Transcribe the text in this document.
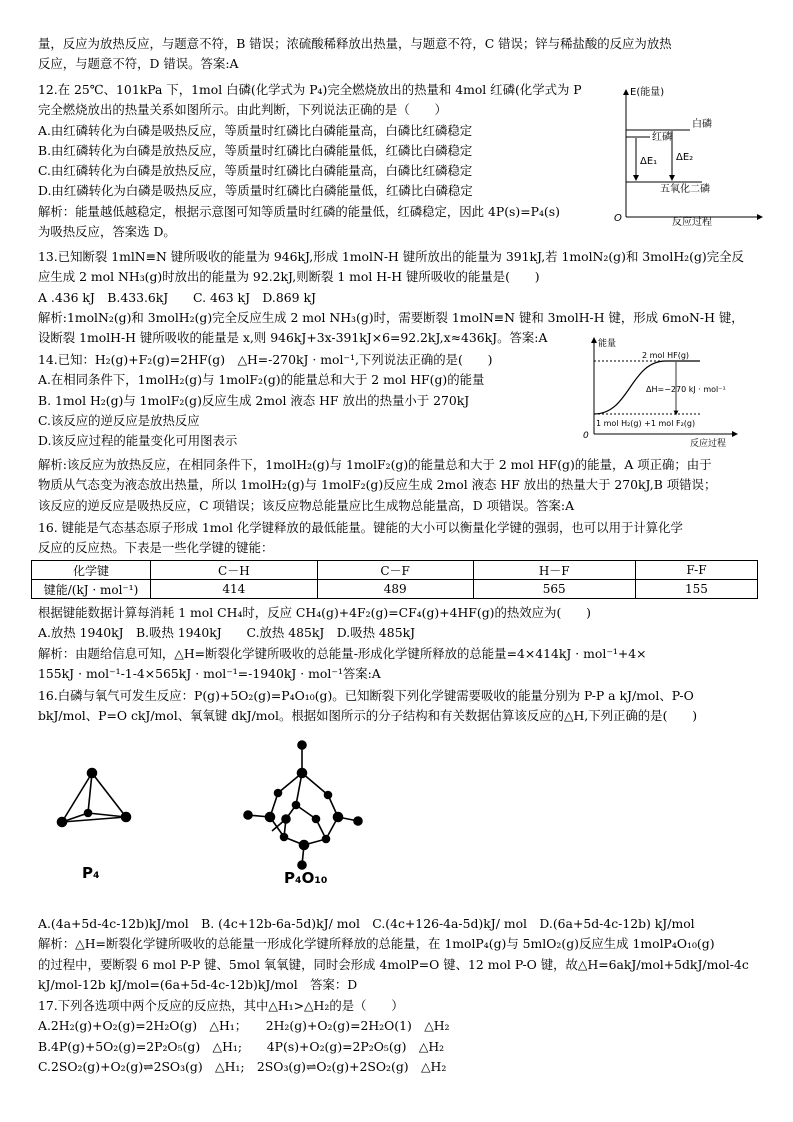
量，反应为放热反应，与题意不符，B 错误；浓硫酸稀释放出热量，与题意不符，C 错误；锌与稀盐酸的反应为放热
反应，与题意不符，D 错误。答案:A
12.在 25℃、101kPa 下，1mol 白磷(化学式为 P₄)完全燃烧放出的热量和 4mol 红磷(化学式为 P
完全燃烧放出的热量关系如图所示。由此判断，下列说法正确的是（　　）
A.由红磷转化为白磷是吸热反应，等质量时红磷比白磷能量高，白磷比红磷稳定
B.由红磷转化为白磷是放热反应，等质量时红磷比白磷能量低，红磷比白磷稳定
C.由红磷转化为白磷是放热反应，等质量时红磷比白磷能量高，白磷比红磷稳定
D.由红磷转化为白磷是吸热反应，等质量时红磷比白磷能量低，红磷比白磷稳定
解析：能量越低越稳定，根据示意图可知等质量时红磷的能量低，红磷稳定，因此 4P(s)=P₄(s)
为吸热反应，答案选 D。
E(能量)
白磷
红磷
ΔE₁ ΔE₂
五氧化二磷
O	反应过程
13.已知断裂 1mlN≡N 键所吸收的能量为 946kJ,形成 1molN-H 键所放出的能量为 391kJ,若 1molN₂(g)和 3molH₂(g)完全反
应生成 2 mol NH₃(g)时放出的能量为 92.2kJ,则断裂 1 mol H-H 键所吸收的能量是(　　)
A .436 kJ　B.433.6kJ　　C. 463 kJ　D.869 kJ
解析:1molN₂(g)和 3molH₂(g)完全反应生成 2 mol NH₃(g)时，需要断裂 1molN≡N 键和 3molH-H 键，形成 6moN-H 键，
设断裂 1molH-H 键所吸收的能量是 x,则 946kJ+3x-391kJ×6=92.2kJ,x≈436kJ。答案:A
14.已知：H₂(g)+F₂(g)=2HF(g)　△H=-270kJ · mol⁻¹,下列说法正确的是(　　)
A.在相同条件下，1molH₂(g)与 1molF₂(g)的能量总和大于 2 mol HF(g)的能量
B. 1mol H₂(g)与 1molF₂(g)反应生成 2mol 液态 HF 放出的热量小于 270kJ
C.该反应的逆反应是放热反应
D.该反应过程的能量变化可用图表示
能量
2 mol HF(g)
ΔH=−270 kJ · mol⁻¹
1 mol H₂(g) +1 mol F₂(g)
0
反应过程
解析:该反应为放热反应，在相同条件下，1molH₂(g)与 1molF₂(g)的能量总和大于 2 mol HF(g)的能量，A 项正确；由于
物质从气态变为液态放出热量，所以 1molH₂(g)与 1molF₂(g)反应生成 2mol 液态 HF 放出的热量大于 270kJ,B 项错误；
该反应的逆反应是吸热反应，C 项错误；该反应物总能量应比生成物总能量高，D 项错误。答案:A
16. 键能是气态基态原子形成 1mol 化学键释放的最低能量。键能的大小可以衡量化学键的强弱，也可以用于计算化学
反应的反应热。下表是一些化学键的键能：
化学键	C－H	C－F	H－F	F-F
键能/(kJ · mol⁻¹)	414	489	565	155
根据键能数据计算每消耗 1 mol CH₄时，反应 CH₄(g)+4F₂(g)=CF₄(g)+4HF(g)的热效应为(　　)
A.放热 1940kJ　B.吸热 1940kJ　　C.放热 485kJ　D.吸热 485kJ
解析：由题给信息可知，△H=断裂化学键所吸收的总能量-形成化学键所释放的总能量=4×414kJ · mol⁻¹+4×
155kJ · mol⁻¹-1-4×565kJ · mol⁻¹=-1940kJ · mol⁻¹答案:A
16.白磷与氧气可发生反应：P(g)+5O₂(g)=P₄O₁₀(g)。已知断裂下列化学键需要吸收的能量分别为 P-P a kJ/mol、P-O
bkJ/mol、P=O ckJ/mol、氧氧键 dkJ/mol。根据如图所示的分子结构和有关数据估算该反应的△H,下列正确的是(　　)
P₄	P₄O₁₀
A.(4a+5d-4c-12b)kJ/mol　B. (4c+12b-6a-5d)kJ/ mol　C.(4c+126-4a-5d)kJ/ mol　D.(6a+5d-4c-12b) kJ/mol
解析：△H=断裂化学键所吸收的总能量一形成化学键所释放的总能量，在 1molP₄(g)与 5mlO₂(g)反应生成 1molP₄O₁₀(g)
的过程中，要断裂 6 mol P-P 键、5mol 氧氧键，同时会形成 4molP=O 键、12 mol P-O 键，故△H=6akJ/mol+5dkJ/mol-4c
kJ/mol-12b kJ/mol=(6a+5d-4c-12b)kJ/mol　答案：D
17.下列各选项中两个反应的反应热，其中△H₁>△H₂的是（　　）
A.2H₂(g)+O₂(g)=2H₂O(g)　△H₁；　　2H₂(g)+O₂(g)=2H₂O(1)　△H₂
B.4P(g)+5O₂(g)=2P₂O₅(g)　△H₁;　　4P(s)+O₂(g)=2P₂O₅(g)　△H₂
C.2SO₂(g)+O₂(g)⇌2SO₃(g)　△H₁;　2SO₃(g)⇌O₂(g)+2SO₂(g)　△H₂
